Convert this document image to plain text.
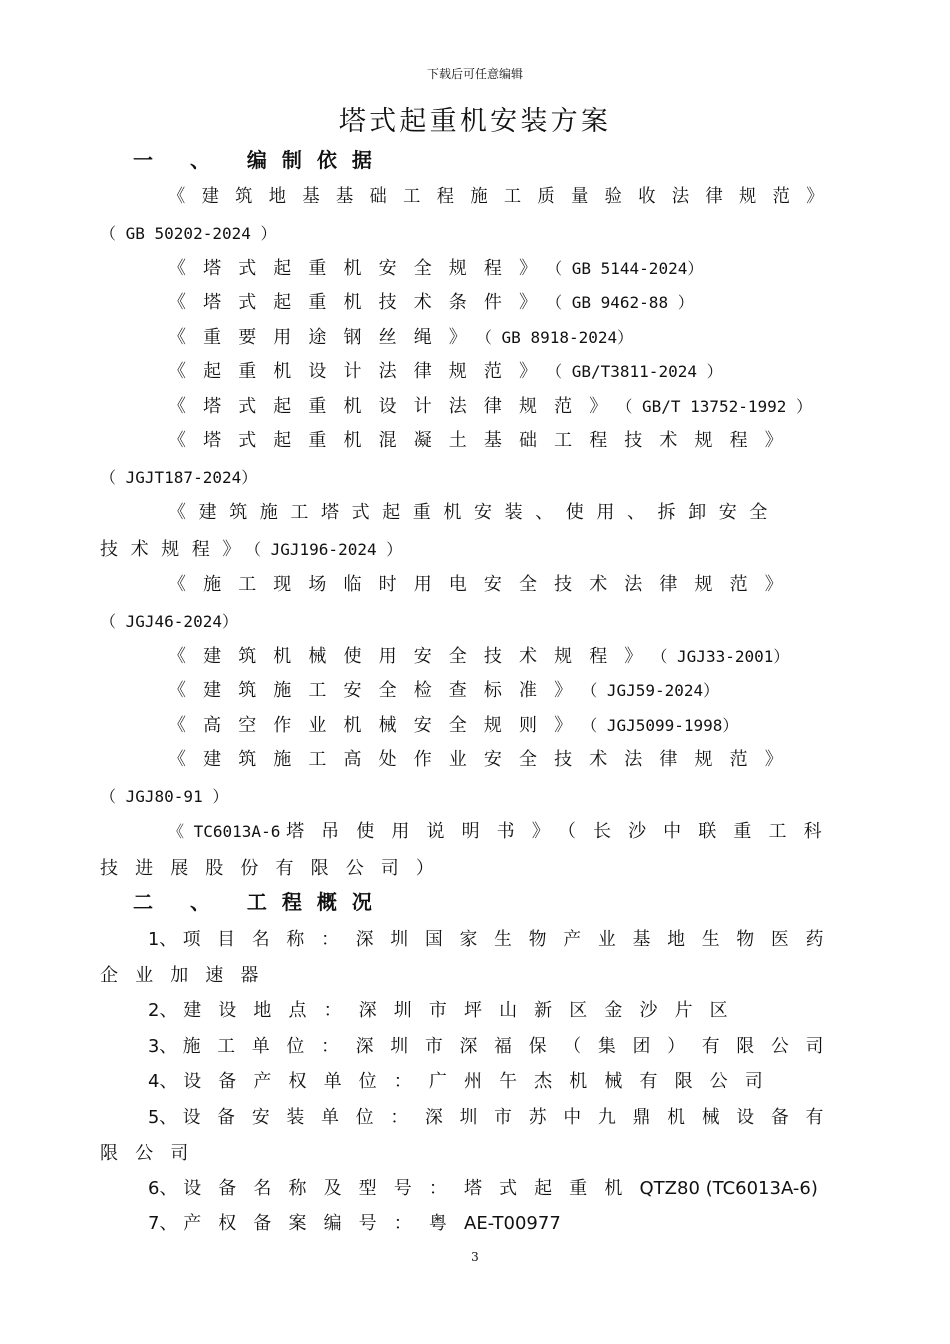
下载后可任意编辑
塔式起重机安装方案
一 、 编制依据
《建筑地基基础工程施工质量验收法律规范》
（ GB 50202-2024 ）
《塔式起重机安全规程》（ GB 5144-2024）
《塔式起重机技术条件》（ GB 9462-88 ）
《重要用途钢丝绳》（ GB 8918-2024）
《起重机设计法律规范》（ GB/T3811-2024 ）
《塔式起重机设计法律规范》（ GB/T 13752-1992 ）
《塔式起重机混凝土基础工程技术规程》
（ JGJT187-2024）
《建筑施工塔式起重机安装、使用、拆卸安全
技术规程》（ JGJ196-2024 ）
《施工现场临时用电安全技术法律规范》
（ JGJ46-2024）
《建筑机械使用安全技术规程》（ JGJ33-2001）
《建筑施工安全检查标准》（ JGJ59-2024）
《高空作业机械安全规则》（ JGJ5099-1998）
《建筑施工高处作业安全技术法律规范》
（ JGJ80-91 ）
《 TC6013A-6 塔吊使用说明书》（长沙中联重工科
技进展股份有限公司）
二 、 工程概况
1、 项目名称：深圳国家生物产业基地生物医药
企业加速器
2、 建设地点：深圳市坪山新区金沙片区
3、 施工单位：深圳市深福保（集团）有限公司
4、 设备产权单位：广州午杰机械有限公司
5、 设备安装单位：深圳市苏中九鼎机械设备有
限公司
6、 设备名称及型号：塔式起重机QTZ80 (TC6013A-6)
7、 产权备案编号：粤AE-T00977
3
